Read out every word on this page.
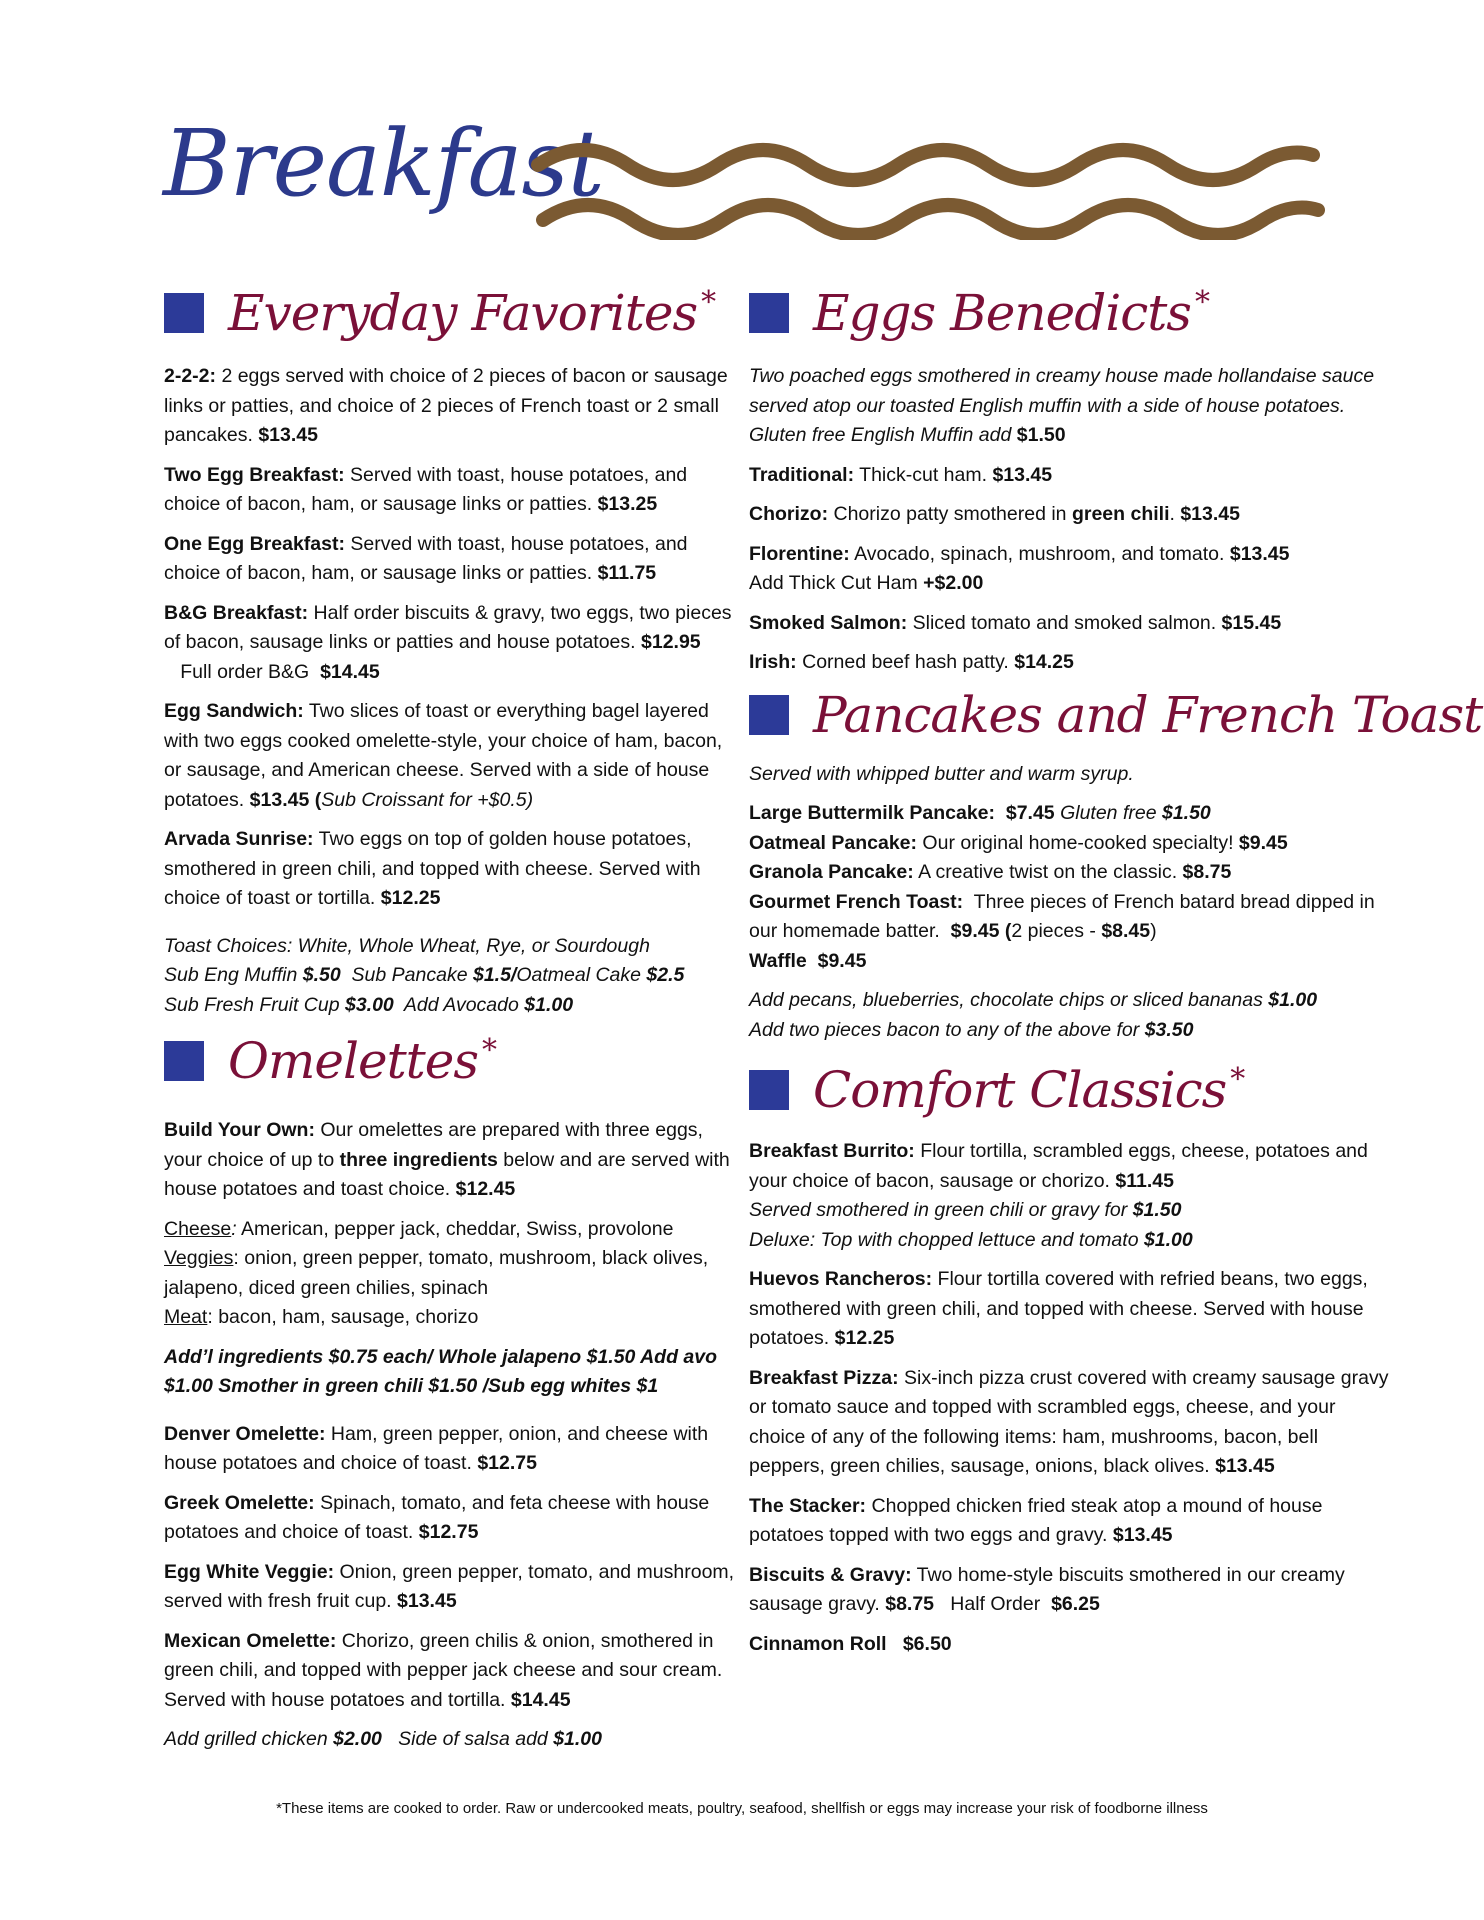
Breakfast
Everyday Favorites *
2-2-2: 2 eggs served with choice of 2 pieces of bacon or sausage links or patties, and choice of 2 pieces of French toast or 2 small pancakes. $13.45
Two Egg Breakfast: Served with toast, house potatoes, and choice of bacon, ham, or sausage links or patties. $13.25
One Egg Breakfast: Served with toast, house potatoes, and choice of bacon, ham, or sausage links or patties. $11.75
B&G Breakfast: Half order biscuits & gravy, two eggs, two pieces of bacon, sausage links or patties and house potatoes. $12.95   Full order B&G  $14.45
Egg Sandwich: Two slices of toast or everything bagel layered with two eggs cooked omelette-style, your choice of ham, bacon, or sausage, and American cheese. Served with a side of house potatoes. $13.45 (Sub Croissant for +$0.5)
Arvada Sunrise: Two eggs on top of golden house potatoes, smothered in green chili, and topped with cheese. Served with choice of toast or tortilla. $12.25
Toast Choices: White, Whole Wheat, Rye, or Sourdough
Sub Eng Muffin $.50  Sub Pancake $1.5/Oatmeal Cake $2.5
Sub Fresh Fruit Cup $3.00  Add Avocado $1.00
Omelettes *
Build Your Own: Our omelettes are prepared with three eggs, your choice of up to three ingredients below and are served with house potatoes and toast choice. $12.45
Cheese: American, pepper jack, cheddar, Swiss, provolone
Veggies: onion, green pepper, tomato, mushroom, black olives, jalapeno, diced green chilies, spinach
Meat: bacon, ham, sausage, chorizo
Add’l ingredients $0.75 each/ Whole jalapeno $1.50 Add avo $1.00 Smother in green chili $1.50 /Sub egg whites $1
Denver Omelette: Ham, green pepper, onion, and cheese with house potatoes and choice of toast. $12.75
Greek Omelette: Spinach, tomato, and feta cheese with house potatoes and choice of toast. $12.75
Egg White Veggie: Onion, green pepper, tomato, and mushroom, served with fresh fruit cup. $13.45
Mexican Omelette: Chorizo, green chilis & onion, smothered in green chili, and topped with pepper jack cheese and sour cream. Served with house potatoes and tortilla. $14.45
Add grilled chicken $2.00   Side of salsa add $1.00
Eggs Benedicts *
Two poached eggs smothered in creamy house made hollandaise sauce served atop our toasted English muffin with a side of house potatoes.
Gluten free English Muffin add $1.50
Traditional: Thick-cut ham. $13.45
Chorizo: Chorizo patty smothered in green chili. $13.45
Florentine: Avocado, spinach, mushroom, and tomato. $13.45
Add Thick Cut Ham +$2.00
Smoked Salmon: Sliced tomato and smoked salmon. $15.45
Irish: Corned beef hash patty. $14.25
Pancakes and French Toast
Served with whipped butter and warm syrup.
Large Buttermilk Pancake:  $7.45 Gluten free $1.50
Oatmeal Pancake: Our original home-cooked specialty! $9.45
Granola Pancake: A creative twist on the classic. $8.75
Gourmet French Toast:  Three pieces of French batard bread dipped in our homemade batter.  $9.45 (2 pieces - $8.45)
Waffle  $9.45
Add pecans, blueberries, chocolate chips or sliced bananas $1.00
Add two pieces bacon to any of the above for $3.50
Comfort Classics *
Breakfast Burrito: Flour tortilla, scrambled eggs, cheese, potatoes and your choice of bacon, sausage or chorizo. $11.45
Served smothered in green chili or gravy for $1.50
Deluxe: Top with chopped lettuce and tomato $1.00
Huevos Rancheros: Flour tortilla covered with refried beans, two eggs, smothered with green chili, and topped with cheese. Served with house potatoes. $12.25
Breakfast Pizza: Six-inch pizza crust covered with creamy sausage gravy or tomato sauce and topped with scrambled eggs, cheese, and your choice of any of the following items: ham, mushrooms, bacon, bell peppers, green chilies, sausage, onions, black olives. $13.45
The Stacker: Chopped chicken fried steak atop a mound of house potatoes topped with two eggs and gravy. $13.45
Biscuits & Gravy: Two home-style biscuits smothered in our creamy sausage gravy. $8.75   Half Order  $6.25
Cinnamon Roll   $6.50
*These items are cooked to order. Raw or undercooked meats, poultry, seafood, shellfish or eggs may increase your risk of foodborne illness
